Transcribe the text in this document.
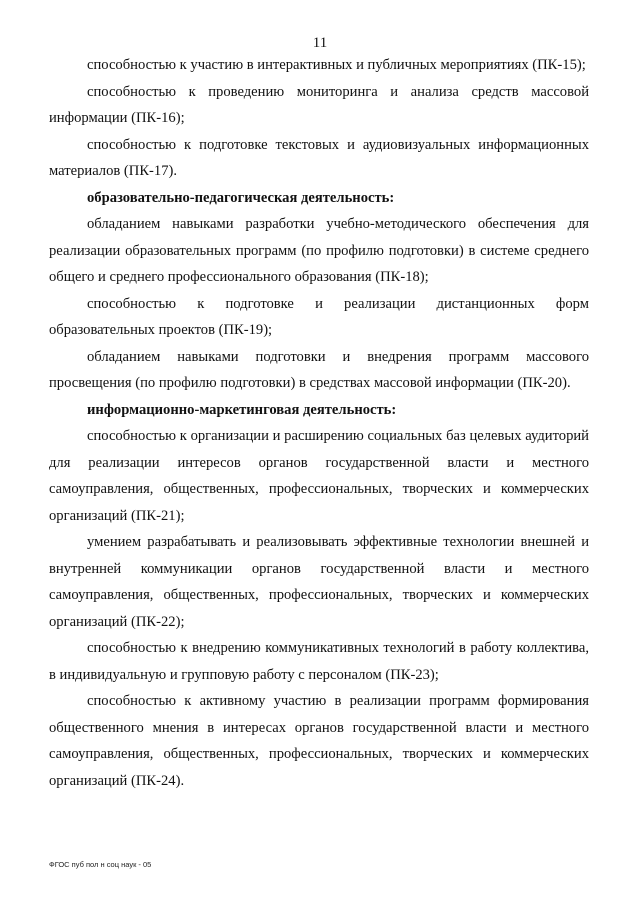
11

способностью к участию в интерактивных и публичных мероприятиях (ПК-15);

способностью к проведению мониторинга и анализа средств массовой информации (ПК-16);

способностью к подготовке текстовых и аудиовизуальных информационных материалов (ПК-17).

образовательно-педагогическая деятельность:

обладанием навыками разработки учебно-методического обеспечения для реализации образовательных программ (по профилю подготовки) в системе среднего общего и среднего профессионального образования (ПК-18);

способностью к подготовке и реализации дистанционных форм образовательных проектов (ПК-19);

обладанием навыками подготовки и внедрения программ массового просвещения (по профилю подготовки) в средствах массовой информации (ПК-20).

информационно-маркетинговая деятельность:

способностью к организации и расширению социальных баз целевых аудиторий для реализации интересов органов государственной власти и местного самоуправления, общественных, профессиональных, творческих и коммерческих организаций (ПК-21);

умением разрабатывать и реализовывать эффективные технологии внешней и внутренней коммуникации органов государственной власти и местного самоуправления, общественных, профессиональных, творческих и коммерческих организаций (ПК-22);

способностью к внедрению коммуникативных технологий в работу коллектива, в индивидуальную и групповую работу с персоналом (ПК-23);

способностью к активному участию в реализации программ формирования общественного мнения в интересах органов государственной власти и местного самоуправления, общественных, профессиональных, творческих и коммерческих организаций (ПК-24).

ФГОС пуб пол н соц наук - 05
